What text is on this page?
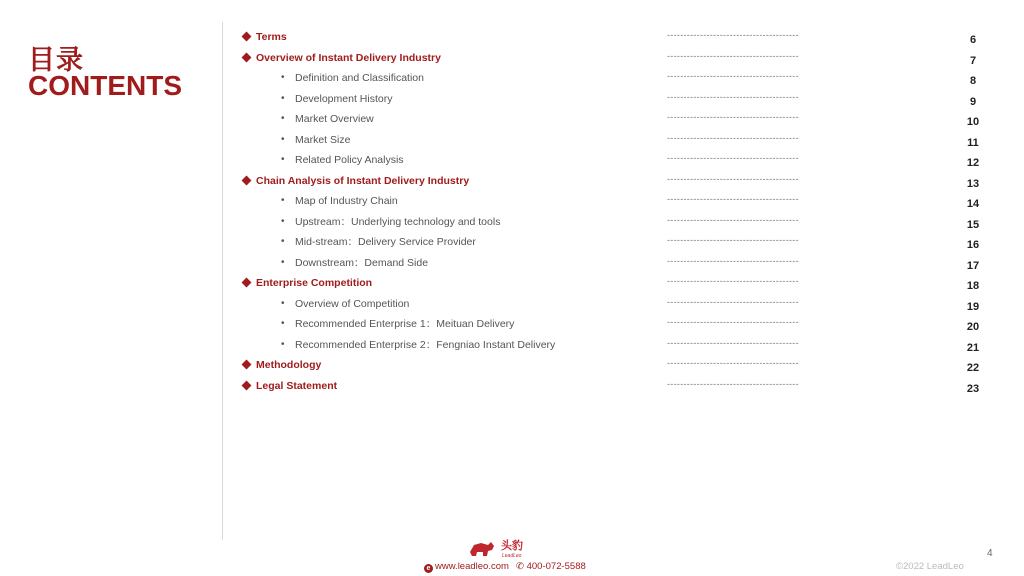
目录
CONTENTS
Terms	----------------------------------------	6
Overview of Instant Delivery Industry	----------------------------------------	7
• Definition and Classification	----------------------------------------	8
• Development History	----------------------------------------	9
• Market Overview	----------------------------------------	10
• Market Size	----------------------------------------	11
• Related Policy Analysis	----------------------------------------	12
Chain Analysis of Instant Delivery Industry	----------------------------------------	13
• Map of Industry Chain	----------------------------------------	14
• Upstream：Underlying technology and tools	----------------------------------------	15
• Mid-stream：Delivery Service Provider	----------------------------------------	16
• Downstream：Demand Side	----------------------------------------	17
Enterprise Competition	----------------------------------------	18
• Overview of Competition	----------------------------------------	19
• Recommended Enterprise 1：Meituan Delivery	----------------------------------------	20
• Recommended Enterprise 2：Fengniao Instant Delivery	----------------------------------------	21
Methodology	----------------------------------------	22
Legal Statement	----------------------------------------	23
头豹
LeadLeo
e www.leadleo.com ✆ 400-072-5588	©2022 LeadLeo
4
